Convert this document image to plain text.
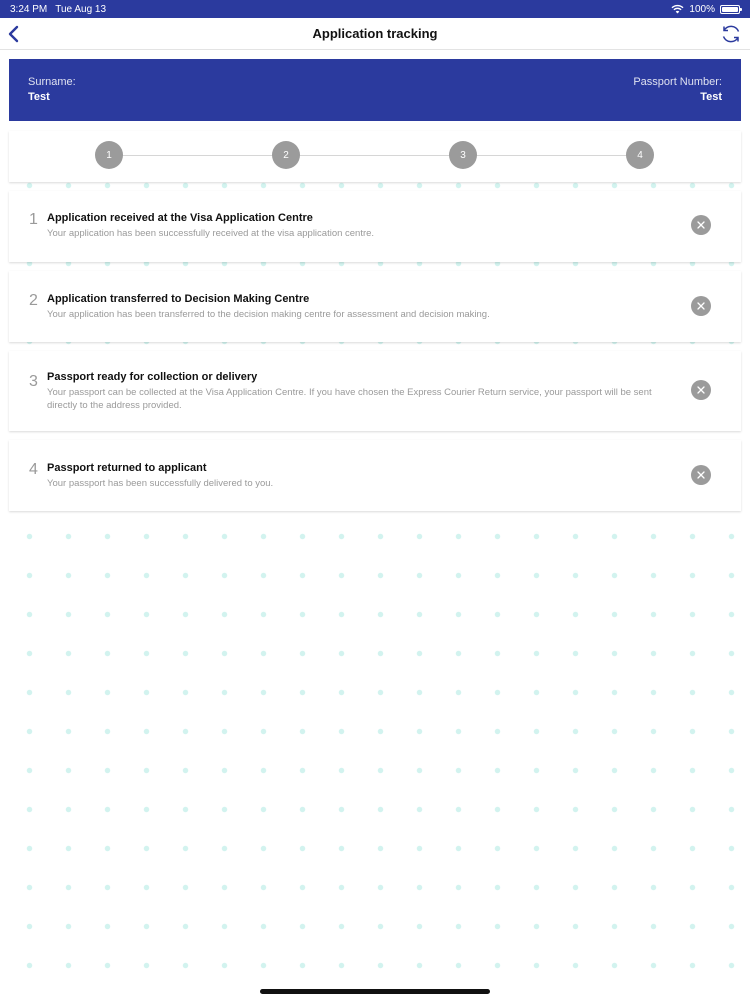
3:24 PM Tue Aug 13	100%
Application tracking
Surname:
Test
Passport Number:
Test
1	2	3	4
1 Application received at the Visa Application Centre
Your application has been successfully received at the visa application centre.
2 Application transferred to Decision Making Centre
Your application has been transferred to the decision making centre for assessment and decision making.
3 Passport ready for collection or delivery
Your passport can be collected at the Visa Application Centre. If you have chosen the Express Courier Return service, your passport will be sent directly to the address provided.
4 Passport returned to applicant
Your passport has been successfully delivered to you.
